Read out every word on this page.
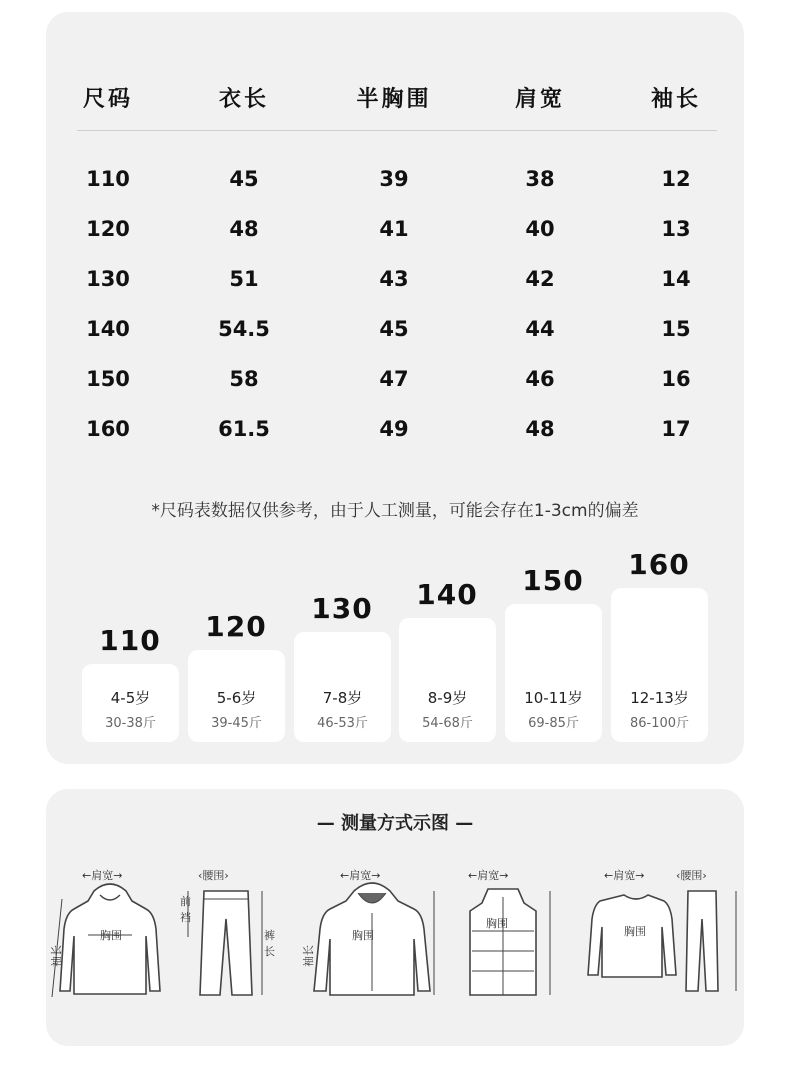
尺码	衣长	半胸围	肩宽	袖长
110	45	39	38	12
120	48	41	40	13
130	51	43	42	14
140	54.5	45	44	15
150	58	47	46	16
160	61.5	49	48	17
*尺码表数据仅供参考，由于人工测量，可能会存在1-3cm的偏差
4-5岁
30-38斤
110
5-6岁
39-45斤
120
7-8岁
46-53斤
130
8-9岁
54-68斤
140
10-11岁
69-85斤
150
12-13岁
86-100斤
160
— 测量方式示图 —
←肩宽→
袖长
胸围
‹腰围›
前
裆
裤
长
←肩宽→
袖长
胸围
←肩宽→
胸围
←肩宽→	‹腰围›
胸围
